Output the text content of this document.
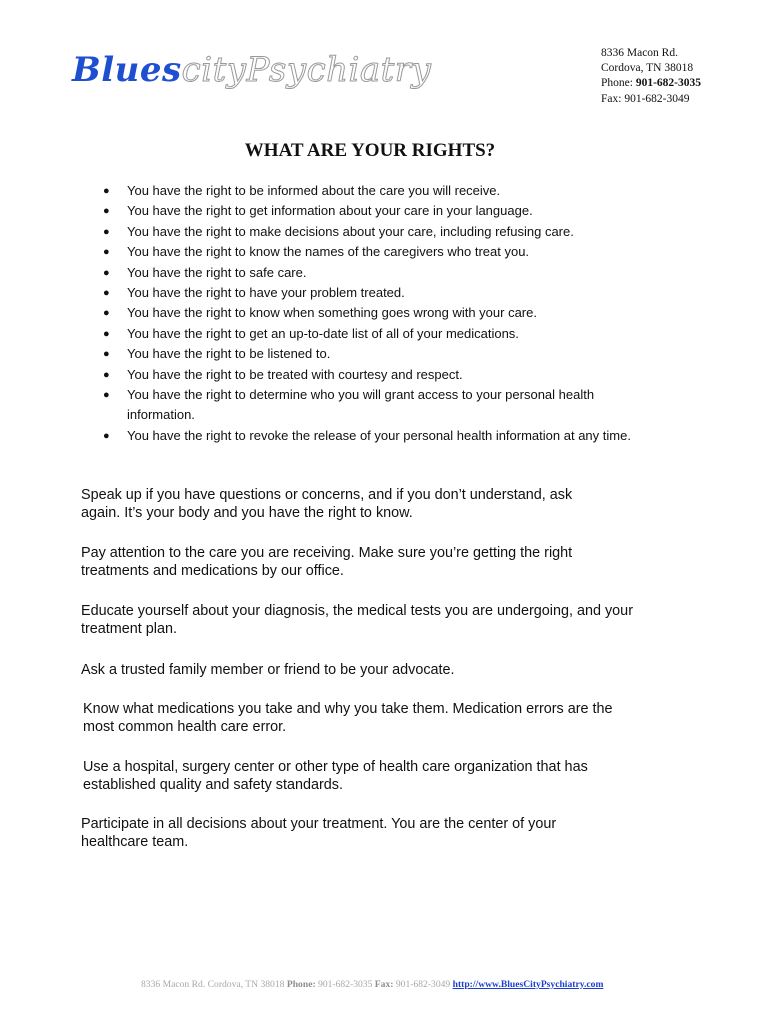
BluescityPsychiatry	8336 Macon Rd.
Cordova, TN 38018
Phone: 901-682-3035
Fax: 901-682-3049
WHAT ARE YOUR RIGHTS?
● You have the right to be informed about the care you will receive.
● You have the right to get information about your care in your language.
● You have the right to make decisions about your care, including refusing care.
● You have the right to know the names of the caregivers who treat you.
● You have the right to safe care.
● You have the right to have your problem treated.
● You have the right to know when something goes wrong with your care.
● You have the right to get an up-to-date list of all of your medications.
● You have the right to be listened to.
● You have the right to be treated with courtesy and respect.
● You have the right to determine who you will grant access to your personal health information.
● You have the right to revoke the release of your personal health information at any time.

Speak up if you have questions or concerns, and if you don’t understand, ask again. It’s your body and you have the right to know.

Pay attention to the care you are receiving. Make sure you’re getting the right treatments and medications by our office.

Educate yourself about your diagnosis, the medical tests you are undergoing, and your treatment plan.

Ask a trusted family member or friend to be your advocate.

Know what medications you take and why you take them. Medication errors are the most common health care error.

Use a hospital, surgery center or other type of health care organization that has established quality and safety standards.

Participate in all decisions about your treatment. You are the center of your healthcare team.

8336 Macon Rd. Cordova, TN 38018 Phone: 901-682-3035 Fax: 901-682-3049 http://www.BluesCityPsychiatry.com
